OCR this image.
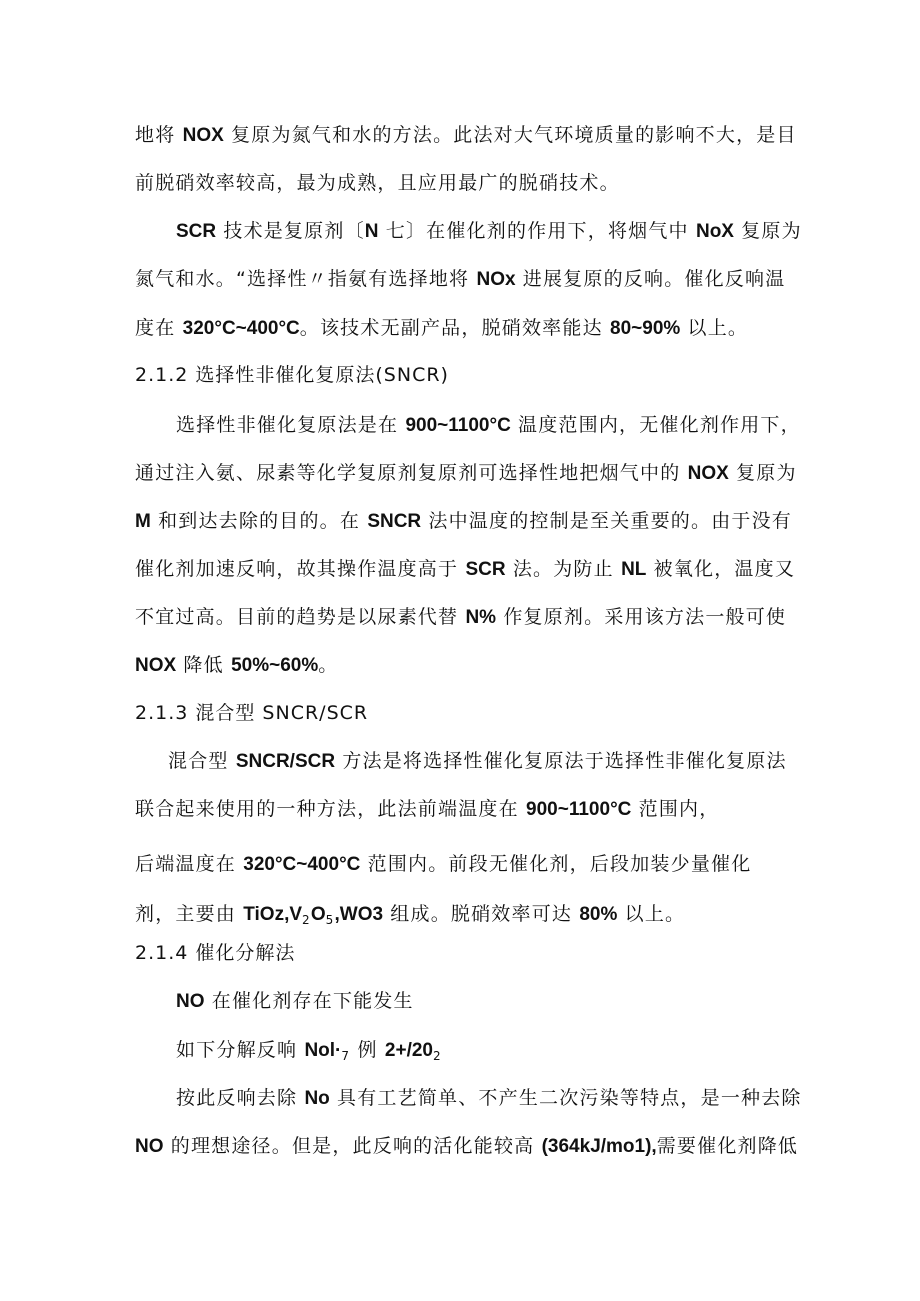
地将 NOX 复原为氮气和水的方法。此法对大气环境质量的影响不大，是目
前脱硝效率较高，最为成熟，且应用最广的脱硝技术。
SCR 技术是复原剂〔N 七〕在催化剂的作用下，将烟气中 NoX 复原为
氮气和水。“选择性〃指氨有选择地将 NOx 进展复原的反响。催化反响温
度在 320°C~400°C。该技术无副产品，脱硝效率能达 80~90% 以上。
2.1.2 选择性非催化复原法(SNCR)
选择性非催化复原法是在 900~1100°C 温度范围内，无催化剂作用下，
通过注入氨、尿素等化学复原剂复原剂可选择性地把烟气中的 NOX 复原为
M 和到达去除的目的。在 SNCR 法中温度的控制是至关重要的。由于没有
催化剂加速反响，故其操作温度高于 SCR 法。为防止 NL 被氧化，温度又
不宜过高。目前的趋势是以尿素代替 N% 作复原剂。采用该方法一般可使
NOX 降低 50%~60%。
2.1.3 混合型 SNCR/SCR
混合型 SNCR/SCR 方法是将选择性催化复原法于选择性非催化复原法
联合起来使用的一种方法，此法前端温度在 900~1100°C 范围内，
后端温度在 320°C~400°C 范围内。前段无催化剂，后段加装少量催化
剂，主要由 $TiOz,V_2O_5,WO3$ 组成。脱硝效率可达 80% 以上。
2.1.4 催化分解法
NO 在催化剂存在下能发生
如下分解反响 $Nol\cdot_7$ 例 $2+/20_2$
按此反响去除 No 具有工艺简单、不产生二次污染等特点，是一种去除
NO 的理想途径。但是，此反响的活化能较高 (364kJ/mo1),需要催化剂降低
